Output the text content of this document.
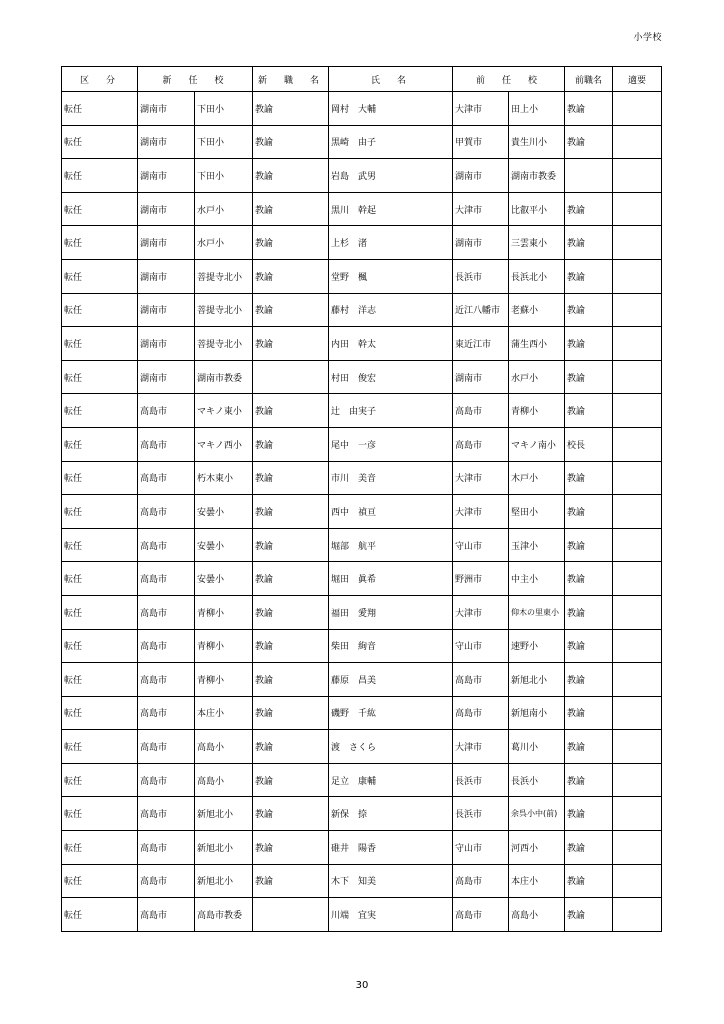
小学校
区　分	新　任　校		新　職　名	氏　名	前　任　校		前職名	適要
転任	湖南市	下田小	教諭	岡村　大輔	大津市	田上小	教諭	
転任	湖南市	下田小	教諭	黒崎　由子	甲賀市	貴生川小	教諭	
転任	湖南市	下田小	教諭	岩島　武男	湖南市	湖南市教委		
転任	湖南市	水戸小	教諭	黒川　幹起	大津市	比叡平小	教諭	
転任	湖南市	水戸小	教諭	上杉　渚	湖南市	三雲東小	教諭	
転任	湖南市	菩提寺北小	教諭	堂野　楓	長浜市	長浜北小	教諭	
転任	湖南市	菩提寺北小	教諭	藤村　洋志	近江八幡市	老蘇小	教諭	
転任	湖南市	菩提寺北小	教諭	内田　幹太	東近江市	蒲生西小	教諭	
転任	湖南市	湖南市教委		村田　俊宏	湖南市	水戸小	教諭	
転任	高島市	マキノ東小	教諭	辻　由実子	高島市	青柳小	教諭	
転任	高島市	マキノ西小	教諭	尾中　一彦	高島市	マキノ南小	校長	
転任	高島市	朽木東小	教諭	市川　美音	大津市	木戸小	教諭	
転任	高島市	安曇小	教諭	西中　禎亘	大津市	堅田小	教諭	
転任	高島市	安曇小	教諭	堀部　航平	守山市	玉津小	教諭	
転任	高島市	安曇小	教諭	堀田　眞希	野洲市	中主小	教諭	
転任	高島市	青柳小	教諭	福田　愛翔	大津市	仰木の里東小	教諭	
転任	高島市	青柳小	教諭	柴田　絢音	守山市	速野小	教諭	
転任	高島市	青柳小	教諭	藤原　昌美	高島市	新旭北小	教諭	
転任	高島市	本庄小	教諭	磯野　千紘	高島市	新旭南小	教諭	
転任	高島市	高島小	教諭	渡　さくら	大津市	葛川小	教諭	
転任	高島市	高島小	教諭	足立　康輔	長浜市	長浜小	教諭	
転任	高島市	新旭北小	教諭	新保　捺	長浜市	余呉小中(前)	教諭	
転任	高島市	新旭北小	教諭	碓井　陽香	守山市	河西小	教諭	
転任	高島市	新旭北小	教諭	木下　知美	高島市	本庄小	教諭	
転任	高島市	高島市教委		川端　宜実	高島市	高島小	教諭	
30
